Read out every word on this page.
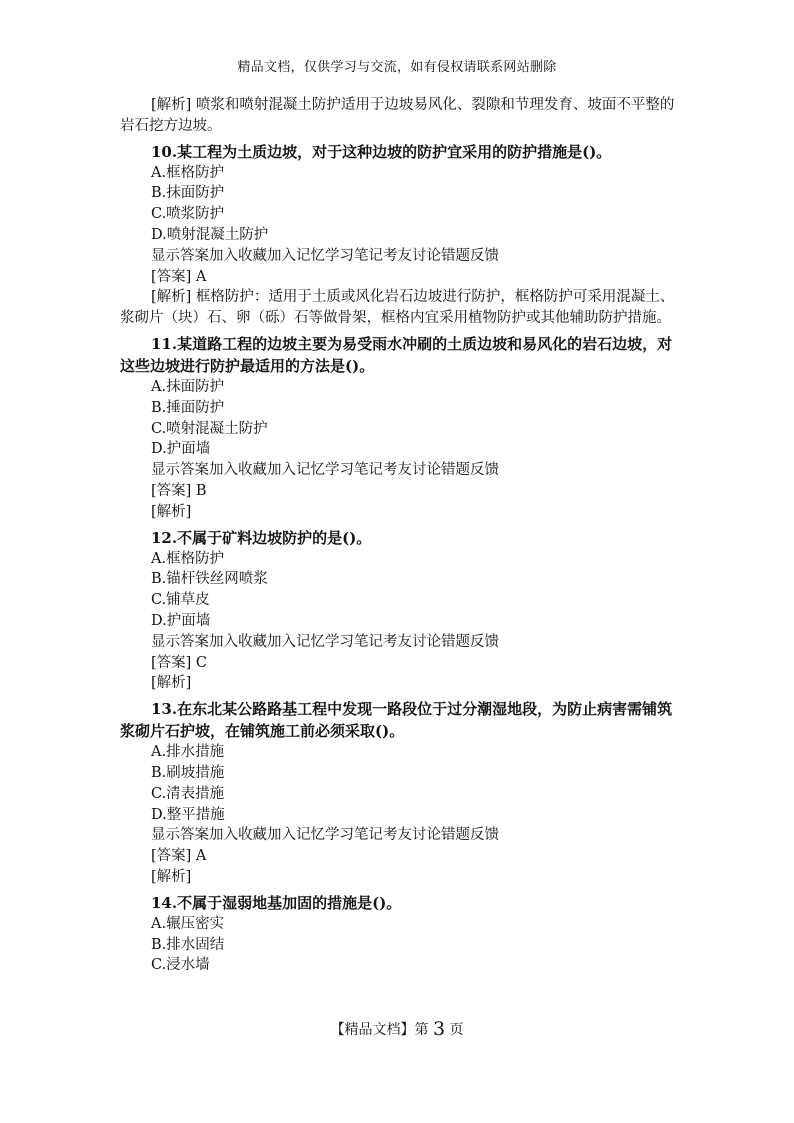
精品文档，仅供学习与交流，如有侵权请联系网站删除

[解析] 喷浆和喷射混凝土防护适用于边坡易风化、裂隙和节理发育、坡面不平整的岩石挖方边坡。

10.某工程为土质边坡，对于这种边坡的防护宜采用的防护措施是()。

A.框格防护

B.抹面防护

C.喷浆防护

D.喷射混凝土防护

显示答案加入收藏加入记忆学习笔记考友讨论错题反馈

[答案] A

[解析] 框格防护：适用于土质或风化岩石边坡进行防护，框格防护可采用混凝土、浆砌片（块）石、卵（砾）石等做骨架，框格内宜采用植物防护或其他辅助防护措施。

11.某道路工程的边坡主要为易受雨水冲刷的土质边坡和易风化的岩石边坡，对这些边坡进行防护最适用的方法是()。

A.抹面防护

B.捶面防护

C.喷射混凝土防护

D.护面墙

显示答案加入收藏加入记忆学习笔记考友讨论错题反馈

[答案] B

[解析]

12.不属于矿料边坡防护的是()。

A.框格防护

B.锚杆铁丝网喷浆

C.铺草皮

D.护面墙

显示答案加入收藏加入记忆学习笔记考友讨论错题反馈

[答案] C

[解析]

13.在东北某公路路基工程中发现一路段位于过分潮湿地段，为防止病害需铺筑浆砌片石护坡，在铺筑施工前必须采取()。

A.排水措施

B.刷坡措施

C.清表措施

D.整平措施

显示答案加入收藏加入记忆学习笔记考友讨论错题反馈

[答案] A

[解析]

14.不属于湿弱地基加固的措施是()。

A.辗压密实

B.排水固结

C.浸水墙

【精品文档】第 3 页
